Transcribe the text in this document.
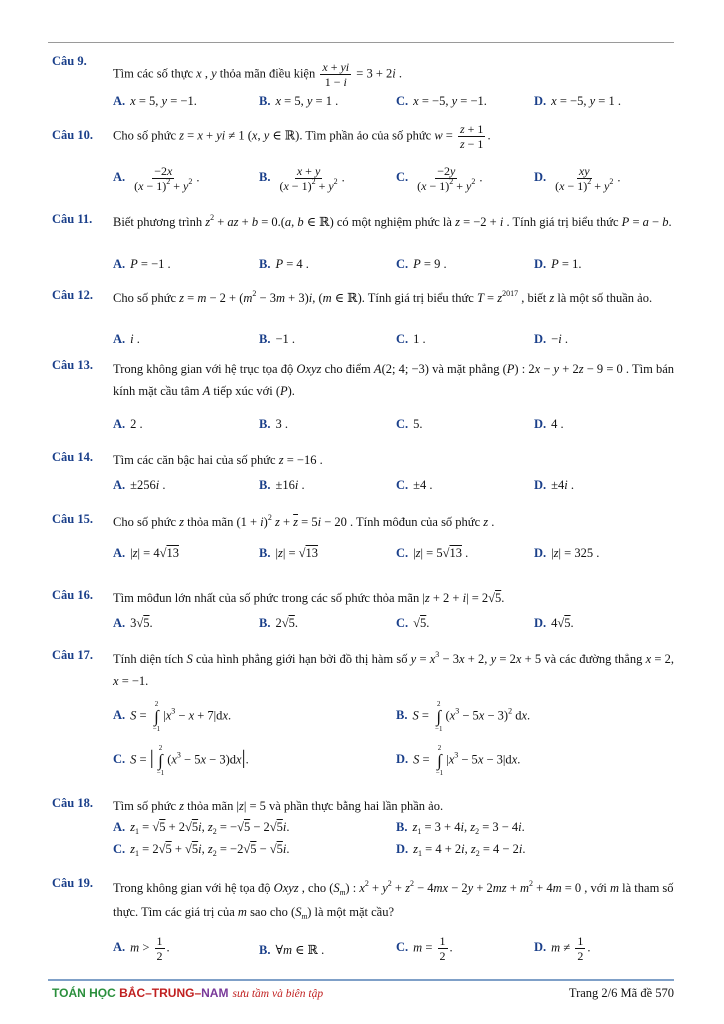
Câu 9.
Tìm các số thực x , y thỏa mãn điều kiện $\frac{x + yi}{1 - i} = 3 + 2i$ .
A. x = 5, y = −1.	B. x = 5, y = 1 .	C. x = −5, y = −1.	D. x = −5, y = 1 .
Câu 10. Cho số phức z = x + yi ≠ 1 (x, y ∈ ℝ). Tìm phần ảo của số phức $w = \frac{z + 1}{z - 1}$ .
A. $\frac{-2x}{(x - 1)^2 + y^2}$ .	B. $\frac{x + y}{(x - 1)^2 + y^2}$ .	C. $\frac{-2y}{(x - 1)^2 + y^2}$ .	D. $\frac{xy}{(x - 1)^2 + y^2}$ .
Câu 11. Biết phương trình $z^2$ + az + b = 0.(a, b ∈ ℝ) có một nghiệm phức là z = −2 + i . Tính giá trị biểu thức P = a − b.
A. P = −1 .	B. P = 4 .	C. P = 9 .	D. P = 1.
Câu 12. Cho số phức $z = m - 2 + (m^2 - 3m + 3)i$, (m ∈ ℝ). Tính giá trị biểu thức $T = z^{2017}$ , biết z là một số thuần ảo.
A. i .	B. −1 .	C. 1 .	D. −i .
Câu 13. Trong không gian với hệ trục tọa độ Oxyz cho điểm A(2; 4; −3) và mặt phẳng (P) : 2x − y + 2z − 9 = 0 . Tìm bán kính mặt cầu tâm A tiếp xúc với (P).
A. 2 .	B. 3 .	C. 5.	D. 4 .
Câu 14. Tìm các căn bậc hai của số phức z = −16 .
A. ±256i .	B. ±16i .	C. ±4 .	D. ±4i .
Câu 15. Cho số phức z thỏa mãn $(1 + i)^2$ $z + \overline{z} = 5i - 20$ . Tính môđun của số phức z .
A. |z| = 4√13	B. |z| = √13	C. |z| = 5√13 .	D. |z| = 325 .
Câu 16. Tìm môđun lớn nhất của số phức trong các số phức thỏa mãn |z + 2 + i| = 2√5.
A. 3√5.	B. 2√5.	C. √5.	D. 4√5.
Câu 17. Tính diện tích S của hình phẳng giới hạn bởi đồ thị hàm số $y = x^3 - 3x + 2$, y = 2x + 5 và các đường thẳng x = 2, x = −1.
A. S =
2
∫
−1
$|x^3 - x + 7|dx$.	B. S =
2
∫
−1
$(x^3 - 5x - 3)^2$ dx.
C. S = | 2
∫
−1
$(x^3 - 5x - 3)dx|$.	D. S =
2
∫
−1
$|x^3 - 5x - 3|dx$.
Câu 18. Tìm số phức z thỏa mãn |z| = 5 và phần thực bằng hai lần phần ảo.
A. $z_1 = √5 + 2√5i$, $z_2 = -√5 - 2√5i$.	B. $z_1 = 3 + 4i$, $z_2 = 3 - 4i$.
C. $z_1 = 2√5 + √5i$, $z_2 = -2√5 - √5i$.	D. $z_1 = 4 + 2i$, $z_2 = 4 - 2i$.
Câu 19. Trong không gian với hệ tọa độ Oxyz , cho $(S_m)$ : $x^2 + y^2 + z^2 - 4mx - 2y + 2mz + m^2 + 4m = 0$ , với m là tham số thực. Tìm các giá trị của m sao cho $(S_m)$ là một mặt cầu?
A. $m > \frac{1}{2}$ .	B. ∀m ∈ ℝ .	C. $m = \frac{1}{2}$ .	D. $m \ne \frac{1}{2}$ .
TOÁN HỌC BẮC–TRUNG–NAM sưu tầm và biên tập	Trang 2/6 Mã đề 570
